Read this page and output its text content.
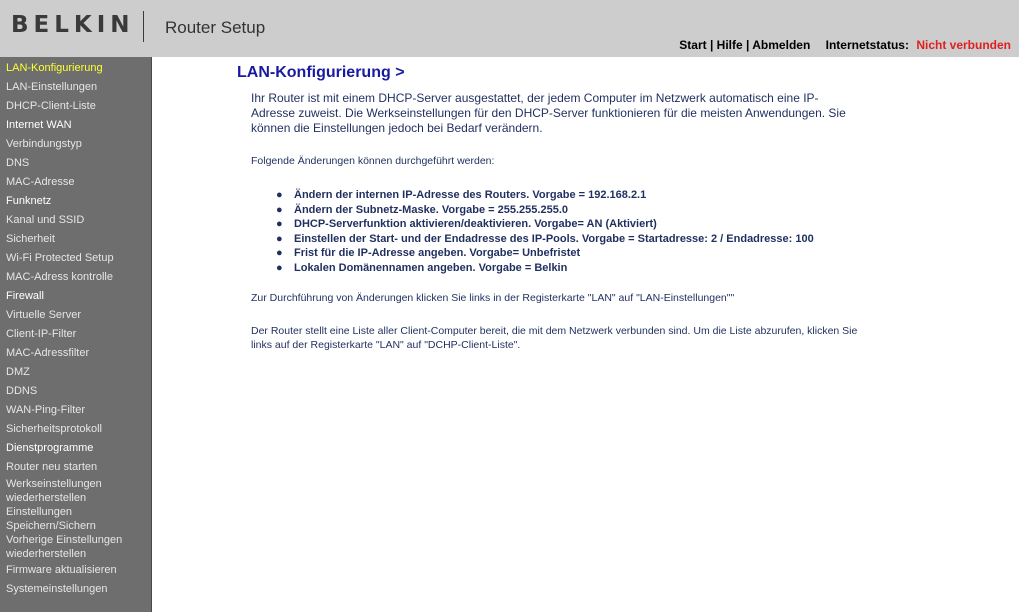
BELKIN Router Setup
Start | Hilfe | Abmelden Internetstatus: Nicht verbunden
LAN-Konfigurierung
LAN-Einstellungen
DHCP-Client-Liste
Internet WAN
Verbindungstyp
DNS
MAC-Adresse
Funknetz
Kanal und SSID
Sicherheit
Wi-Fi Protected Setup
MAC-Adress kontrolle
Firewall
Virtuelle Server
Client-IP-Filter
MAC-Adressfilter
DMZ
DDNS
WAN-Ping-Filter
Sicherheitsprotokoll
Dienstprogramme
Router neu starten
Werkseinstellungen wiederherstellen
Einstellungen Speichern/Sichern
Vorherige Einstellungen wiederherstellen
Firmware aktualisieren
Systemeinstellungen
LAN-Konfigurierung >
Ihr Router ist mit einem DHCP-Server ausgestattet, der jedem Computer im Netzwerk automatisch eine IP-Adresse zuweist. Die Werkseinstellungen für den DHCP-Server funktionieren für die meisten Anwendungen. Sie können die Einstellungen jedoch bei Bedarf verändern.
Folgende Änderungen können durchgeführt werden:
● Ändern der internen IP-Adresse des Routers. Vorgabe = 192.168.2.1
● Ändern der Subnetz-Maske. Vorgabe = 255.255.255.0
● DHCP-Serverfunktion aktivieren/deaktivieren. Vorgabe= AN (Aktiviert)
● Einstellen der Start- und der Endadresse des IP-Pools. Vorgabe = Startadresse: 2 / Endadresse: 100
● Frist für die IP-Adresse angeben. Vorgabe= Unbefristet
● Lokalen Domänennamen angeben. Vorgabe = Belkin
Zur Durchführung von Änderungen klicken Sie links in der Registerkarte "LAN" auf "LAN-Einstellungen""
Der Router stellt eine Liste aller Client-Computer bereit, die mit dem Netzwerk verbunden sind. Um die Liste abzurufen, klicken Sie links auf der Registerkarte "LAN" auf "DCHP-Client-Liste".
